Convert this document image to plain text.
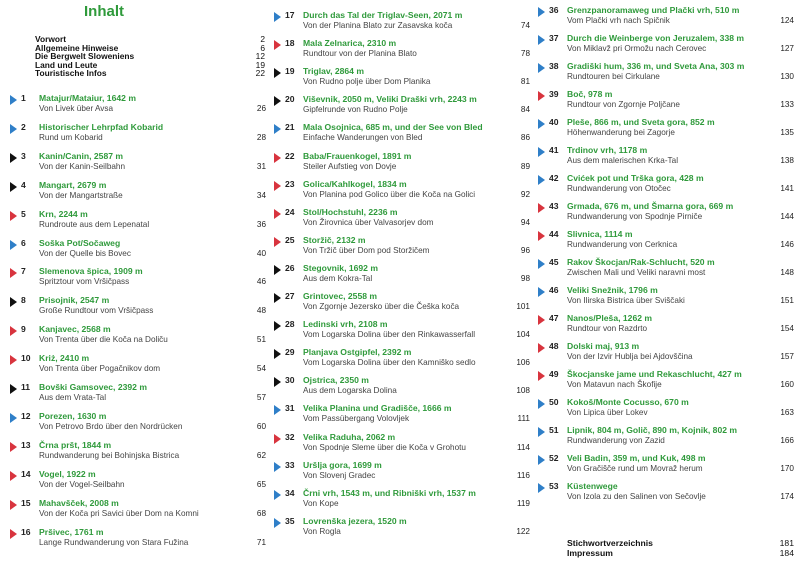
Inhalt
Vorwort	2
Allgemeine Hinweise	6
Die Bergwelt Sloweniens	12
Land und Leute	19
Touristische Infos	22
1 Matajur/Mataiur, 1642 m
Von Livek über Avsa	26
2 Historischer Lehrpfad Kobarid
Rund um Kobarid	28
3 Kanin/Canin, 2587 m
Von der Kanin-Seilbahn	31
4 Mangart, 2679 m
Von der Mangartstraße	34
5 Krn, 2244 m
Rundroute aus dem Lepenatal	36
6 Soška Pot/Sočaweg
Von der Quelle bis Bovec	40
7 Slemenova špica, 1909 m
Spritztour vom Vršičpass	46
8 Prisojnik, 2547 m
Große Rundtour vom Vršičpass	48
9 Kanjavec, 2568 m
Von Trenta über die Koča na Doliču	51
10 Kriż, 2410 m
Von Trenta über Pogačnikov dom	54
11 Bovški Gamsovec, 2392 m
Aus dem Vrata-Tal	57
12 Porezen, 1630 m
Von Petrovo Brdo über den Nordrücken	60
13 Črna pršt, 1844 m
Rundwanderung bei Bohinjska Bistrica	62
14 Vogel, 1922 m
Von der Vogel-Seilbahn	65
15 Mahavšček, 2008 m
Von der Koča pri Savici über Dom na Komni	68
16 Pršivec, 1761 m
Lange Rundwanderung von Stara Fužina	71
17 Durch das Tal der Triglav-Seen, 2071 m
Von der Planina Blato zur Zasavska koča	74
18 Mala Zelnarica, 2310 m
Rundtour von der Planina Blato	78
19 Triglav, 2864 m
Von Rudno polje über Dom Planika	81
20 Viševnik, 2050 m, Veliki Draški vrh, 2243 m
Gipfelrunde von Rudno Polje	84
21 Mala Osojnica, 685 m, und der See von Bled
Einfache Wanderungen von Bled	86
22 Baba/Frauenkogel, 1891 m
Steiler Aufstieg von Dovje	89
23 Golica/Kahlkogel, 1834 m
Von Planina pod Golico über die Koča na Golici	92
24 Stol/Hochstuhl, 2236 m
Von Žirovnica über Valvasorjev dom	94
25 Storžič, 2132 m
Von Tržič über Dom pod Storžičem	96
26 Stegovnik, 1692 m
Aus dem Kokra-Tal	98
27 Grintovec, 2558 m
Von Zgornje Jezersko über die Češka koča	101
28 Ledinski vrh, 2108 m
Vom Logarska Dolina über den Rinkawasserfall	104
29 Planjava Ostgipfel, 2392 m
Vom Logarska Dolina über den Kamniško sedlo	106
30 Ojstrica, 2350 m
Aus dem Logarska Dolina	108
31 Velika Planina und Gradišče, 1666 m
Vom Passübergang Volovljek	111
32 Velika Raduha, 2062 m
Von Spodnje Sleme über die Koča v Grohotu	114
33 Uršlja gora, 1699 m
Von Slovenj Gradec	116
34 Črni vrh, 1543 m, und Ribniški vrh, 1537 m
Von Kope	119
35 Lovrenška jezera, 1520 m
Von Rogla	122
36 Grenzpanoramaweg und Plački vrh, 510 m
Vom Plački vrh nach Spičnik	124
37 Durch die Weinberge von Jeruzalem, 338 m
Von Miklavž pri Ormožu nach Cerovec	127
38 Gradiški hum, 336 m, und Sveta Ana, 303 m
Rundtouren bei Cirkulane	130
39 Boč, 978 m
Rundtour von Zgornje Poljčane	133
40 Pleše, 866 m, und Sveta gora, 852 m
Höhenwanderung bei Zagorje	135
41 Trdinov vrh, 1178 m
Aus dem malerischen Krka-Tal	138
42 Cvićek pot und Trška gora, 428 m
Rundwanderung von Otočec	141
43 Grmada, 676 m, und Šmarna gora, 669 m
Rundwanderung von Spodnje Pirniče	144
44 Slivnica, 1114 m
Rundwanderung von Cerknica	146
45 Rakov Škocjan/Rak-Schlucht, 520 m
Zwischen Mali und Veliki naravni most	148
46 Veliki Snežnik, 1796 m
Von Ilirska Bistrica über Sviščaki	151
47 Nanos/Pleša, 1262 m
Rundtour von Razdrto	154
48 Dolski maj, 913 m
Von der Izvir Hublja bei Ajdovščina	157
49 Škocjanske jame und Rekaschlucht, 427 m
Von Matavun nach Škofije	160
50 Kokoš/Monte Cocusso, 670 m
Von Lipica über Lokev	163
51 Lipnik, 804 m, Golič, 890 m, Kojnik, 802 m
Rundwanderung von Zazid	166
52 Veli Badin, 359 m, und Kuk, 498 m
Von Gračišče rund um Movraž herum	170
53 Küstenwege
Von Izola zu den Salinen von Sečovlje	174
Stichwortverzeichnis	181
Impressum	184
